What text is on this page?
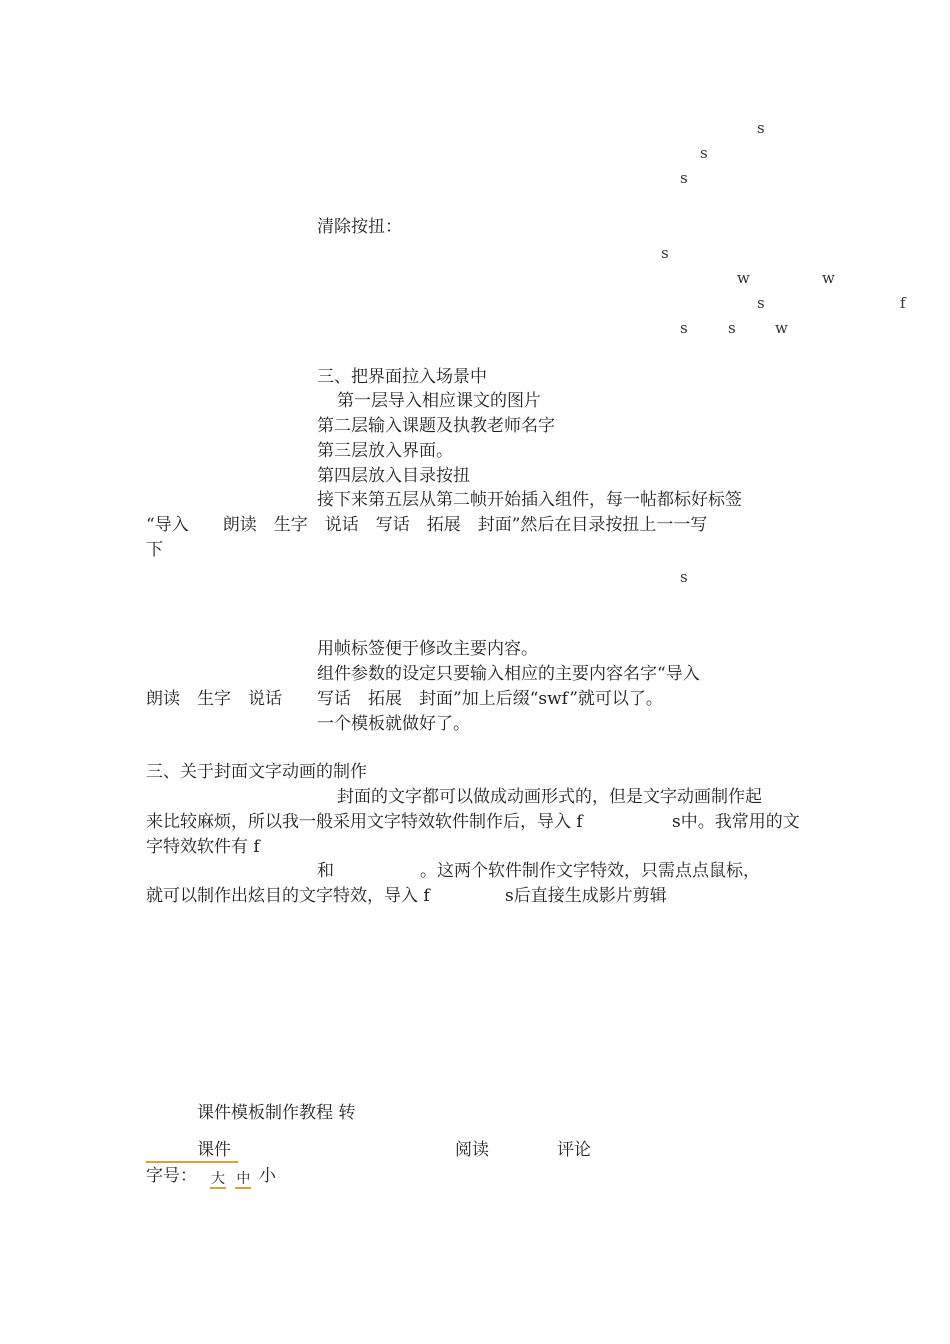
s
s
s
s
w	w
s	f
s	s	w
s
清除按扭：
三、把界面拉入场景中
第一层导入相应课文的图片
第二层输入课题及执教老师名字
第三层放入界面。
第四层放入目录按扭
接下来第五层从第二帧开始插入组件，每一帖都标好标签
“导入　　朗读　生字　说话　写话　拓展　封面”然后在目录按扭上一一写
下
用帧标签便于修改主要内容。
组件参数的设定只要输入相应的主要内容名字“导入
朗读　生字　说话 写话　拓展　封面”加上后缀“swf”就可以了。
一个模板就做好了。
三、关于封面文字动画的制作
封面的文字都可以做成动画形式的，但是文字动画制作起
来比较麻烦，所以我一般采用文字特效软件制作后，导入 f	s中。我常用的文
字特效软件有 f
和	。这两个软件制作文字特效，只需点点鼠标，
就可以制作出炫目的文字特效，导入 f	s后直接生成影片剪辑
课件模板制作教程 转
课件	阅读	评论
字号： 大 中 小
